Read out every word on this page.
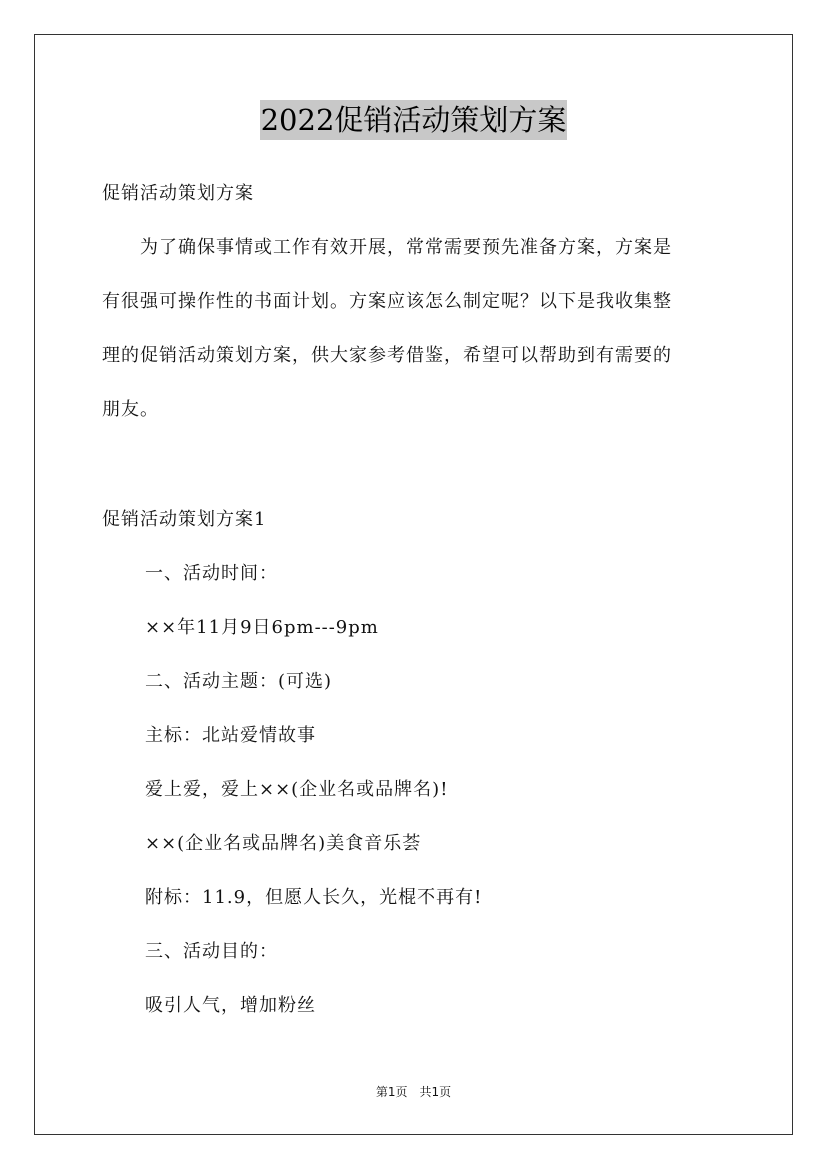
2022促销活动策划方案
促销活动策划方案
　　为了确保事情或工作有效开展，常常需要预先准备方案，方案是
有很强可操作性的书面计划。方案应该怎么制定呢？以下是我收集整
理的促销活动策划方案，供大家参考借鉴，希望可以帮助到有需要的
朋友。
促销活动策划方案1
一、活动时间：
××年11月9日6pm---9pm
二、活动主题：(可选)
主标：北站爱情故事
爱上爱，爱上××(企业名或品牌名)!
××(企业名或品牌名)美食音乐荟
附标：11.9，但愿人长久，光棍不再有!
三、活动目的：
吸引人气，增加粉丝
第1页　共1页
